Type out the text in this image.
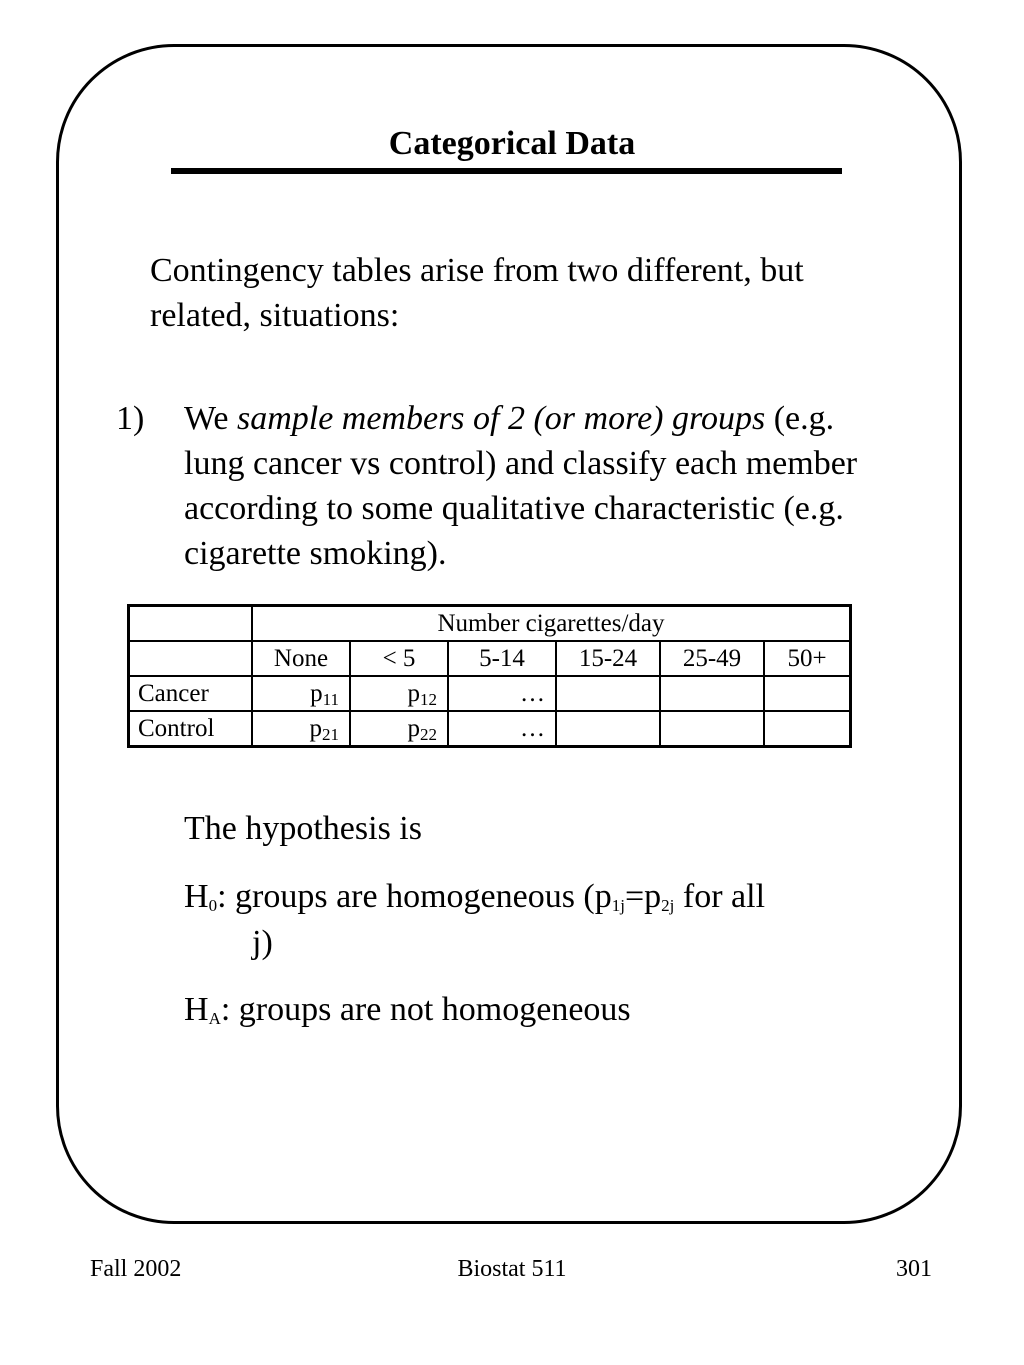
Categorical Data
Contingency tables arise from two different, but related, situations:
1) We sample members of 2 (or more) groups (e.g. lung cancer vs control) and classify each member according to some qualitative characteristic (e.g. cigarette smoking).
	Number cigarettes/day					
	None	< 5	5-14	15-24	25-49	50+
Cancer	$p_{11}$	$p_{12}$	…			
Control	$p_{21}$	$p_{22}$	…			
The hypothesis is
$H_0$: groups are homogeneous ($p_{1j}=p_{2j}$ for all
j)
$H_A$: groups are not homogeneous
Fall 2002	Biostat 511	301
